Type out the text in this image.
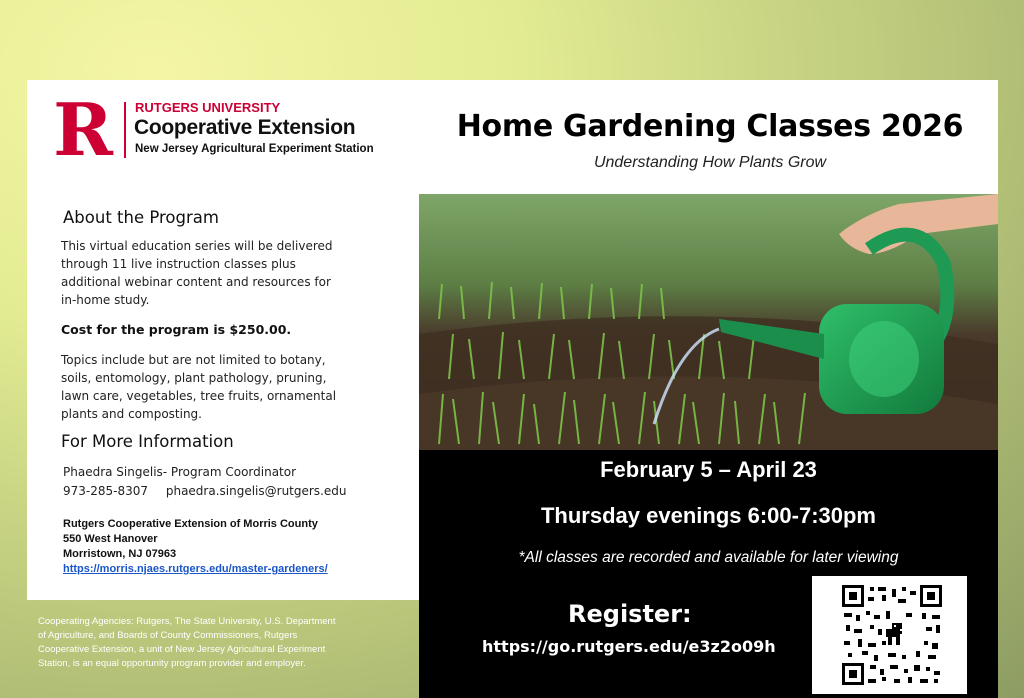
R	RUTGERS UNIVERSITY
Cooperative Extension
New Jersey Agricultural Experiment Station
Home Gardening Classes 2026
Understanding How Plants Grow
About the Program
This virtual education series will be delivered
through 11 live instruction classes plus
additional webinar content and resources for
in-home study.
Cost for the program is $250.00.
Topics include but are not limited to botany,
soils, entomology, plant pathology, pruning,
lawn care, vegetables, tree fruits, ornamental
plants and composting.
For More Information
Phaedra Singelis- Program Coordinator
973-285-8307 phaedra.singelis@rutgers.edu
Rutgers Cooperative Extension of Morris County
550 West Hanover
Morristown, NJ 07963
https://morris.njaes.rutgers.edu/master-gardeners/
Cooperating Agencies: Rutgers, The State University, U.S. Department
of Agriculture, and Boards of County Commissioners, Rutgers
Cooperative Extension, a unit of New Jersey Agricultural Experiment
Station, is an equal opportunity program provider and employer.
February 5 – April 23
Thursday evenings 6:00-7:30pm
*All classes are recorded and available for later viewing
Register:
https://go.rutgers.edu/e3z2o09h
